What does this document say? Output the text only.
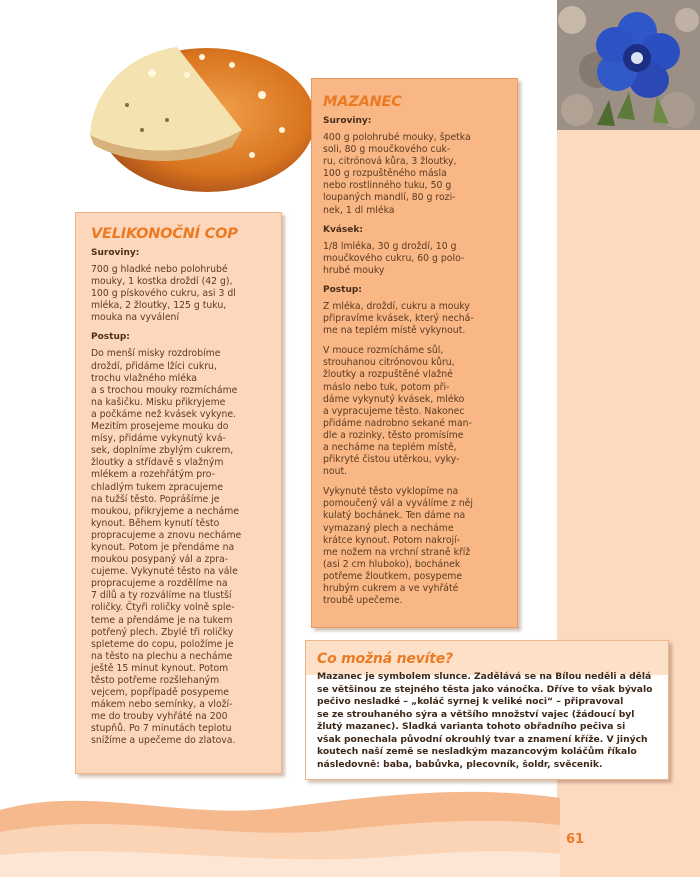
VELIKONOČNÍ COP
Suroviny:

700 g hladké nebo polohrubé
mouky, 1 kostka droždí (42 g),
100 g pískového cukru, asi 3 dl
mléka, 2 žloutky, 125 g tuku,
mouka na vyválení

Postup:

Do menší misky rozdrobíme
droždí, přidáme lžíci cukru,
trochu vlažného mléka
a s trochou mouky rozmícháme
na kašičku. Misku přikryjeme
a počkáme než kvásek vykyne.
Mezitím prosejeme mouku do
mísy, přidáme vykynutý kvá-
sek, doplníme zbylým cukrem,
žloutky a střídavě s vlažným
mlékem a rozehřátým pro-
chladlým tukem zpracujeme
na tužší těsto. Poprášíme je
moukou, přikryjeme a necháme
kynout. Během kynutí těsto
propracujeme a znovu necháme
kynout. Potom je přendáme na
moukou posypaný vál a zpra-
cujeme. Vykynuté těsto na vále
propracujeme a rozdělíme na
7 dílů a ty rozválíme na tlustší
roličky. Čtyři roličky volně sple-
teme a přendáme je na tukem
potřený plech. Zbylé tři roličky
spleteme do copu, položíme je
na těsto na plechu a necháme
ještě 15 minut kynout. Potom
těsto potřeme rozšlehaným
vejcem, popřípadě posypeme
mákem nebo semínky, a vloží-
me do trouby vyhřáté na 200
stupňů. Po 7 minutách teplotu
snížíme a upečeme do zlatova.

MAZANEC
Suroviny:

400 g polohrubé mouky, špetka
soli, 80 g moučkového cuk-
ru, citrónová kůra, 3 žloutky,
100 g rozpuštěného másla
nebo rostlinného tuku, 50 g
loupaných mandlí, 80 g rozi-
nek, 1 dl mléka

Kvásek:

1/8 lmléka, 30 g droždí, 10 g
moučkového cukru, 60 g polo-
hrubé mouky

Postup:

Z mléka, droždí, cukru a mouky
připravíme kvásek, který nechá-
me na teplém místě vykynout.

V mouce rozmícháme sůl,
strouhanou citrónovou kůru,
žloutky a rozpuštěné vlažné
máslo nebo tuk, potom při-
dáme vykynutý kvásek, mléko
a vypracujeme těsto. Nakonec
přidáme nadrobno sekané man-
dle a rozinky, těsto promísíme
a necháme na teplém místě,
přikryté čistou utěrkou, vyky-
nout.

Vykynuté těsto vyklopíme na
pomoučený vál a vyválíme z něj
kulatý bochánek. Ten dáme na
vymazaný plech a necháme
krátce kynout. Potom nakrojí-
me nožem na vrchní straně kříž
(asi 2 cm hluboko), bochánek
potřeme žloutkem, posypeme
hrubým cukrem a ve vyhřáté
troubě upečeme.

Co možná nevíte?

Mazanec je symbolem slunce. Zadělává se na Bílou neděli a dělá
se většinou ze stejného těsta jako vánočka. Dříve to však bývalo
pečivo nesladké – „koláč syrnej k veliké noci“ – připravoval
se ze strouhaného sýra a většího množství vajec (žádoucí byl
žlutý mazanec). Sladká varianta tohoto obřadního pečiva si
však ponechala původní okrouhlý tvar a znamení kříže. V jiných
koutech naší země se nesladkým mazancovým koláčům říkalo
následovně: baba, babůvka, plecovník, šoldr, svěcenik.

61
